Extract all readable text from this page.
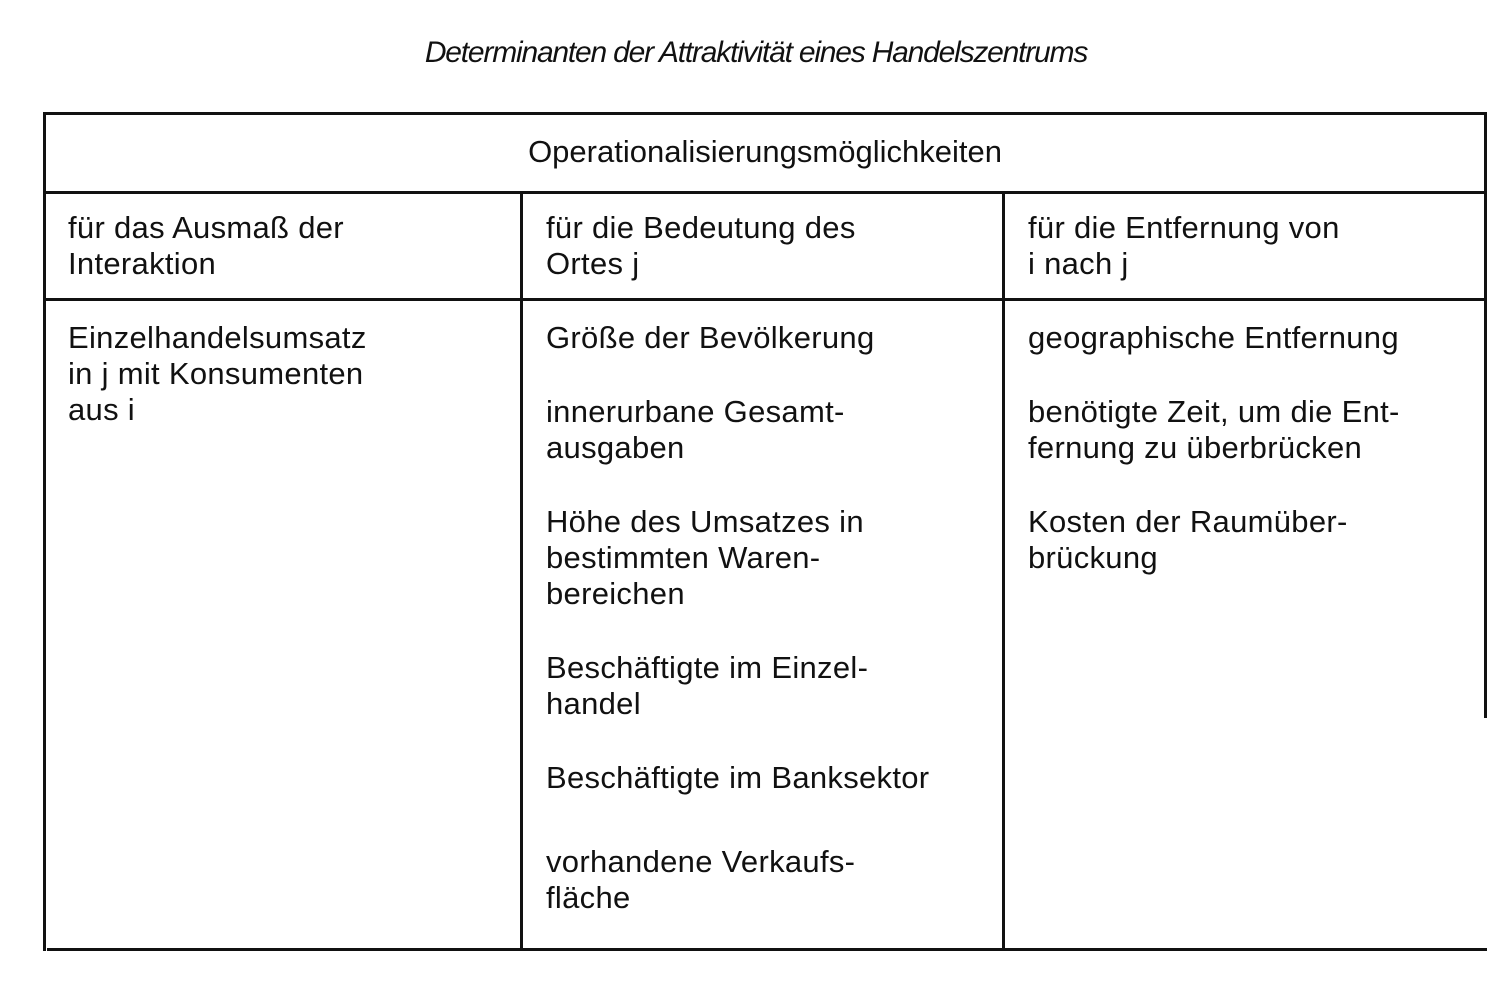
Determinanten der Attraktivität eines Handelszentrums
Operationalisierungsmöglichkeiten
für das Ausmaß der
Interaktion
für die Bedeutung des
Ortes j
für die Entfernung von
i nach j
Einzelhandelsumsatz
in j mit Konsumenten
aus i
Größe der Bevölkerung
innerurbane Gesamt-
ausgaben
Höhe des Umsatzes in
bestimmten Waren-
bereichen
Beschäftigte im Einzel-
handel
Beschäftigte im Banksektor
vorhandene Verkaufs-
fläche
geographische Entfernung
benötigte Zeit, um die Ent-
fernung zu überbrücken
Kosten der Raumüber-
brückung
